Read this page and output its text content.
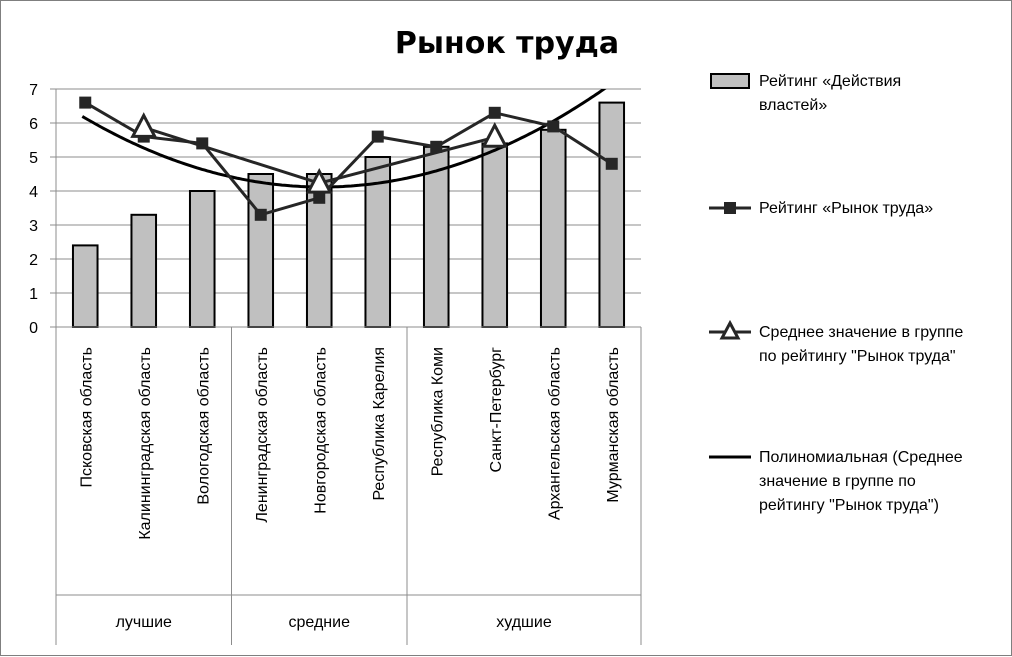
Рынок труда
0
1
2
3
4
5
6
7
Псковская область	Калининградская область	Вологодская область	Ленинградская область	Новгородская область	Республика Карелия	Республика Коми	Санкт-Петербург	Архангельская область	Мурманская область
лучшие	средние	худшие
Рейтинг «Действия
властей»
Рейтинг «Рынок труда»
Среднее значение в группе
по рейтингу "Рынок труда"
Полиномиальная (Среднее
значение в группе по
рейтингу "Рынок труда")
